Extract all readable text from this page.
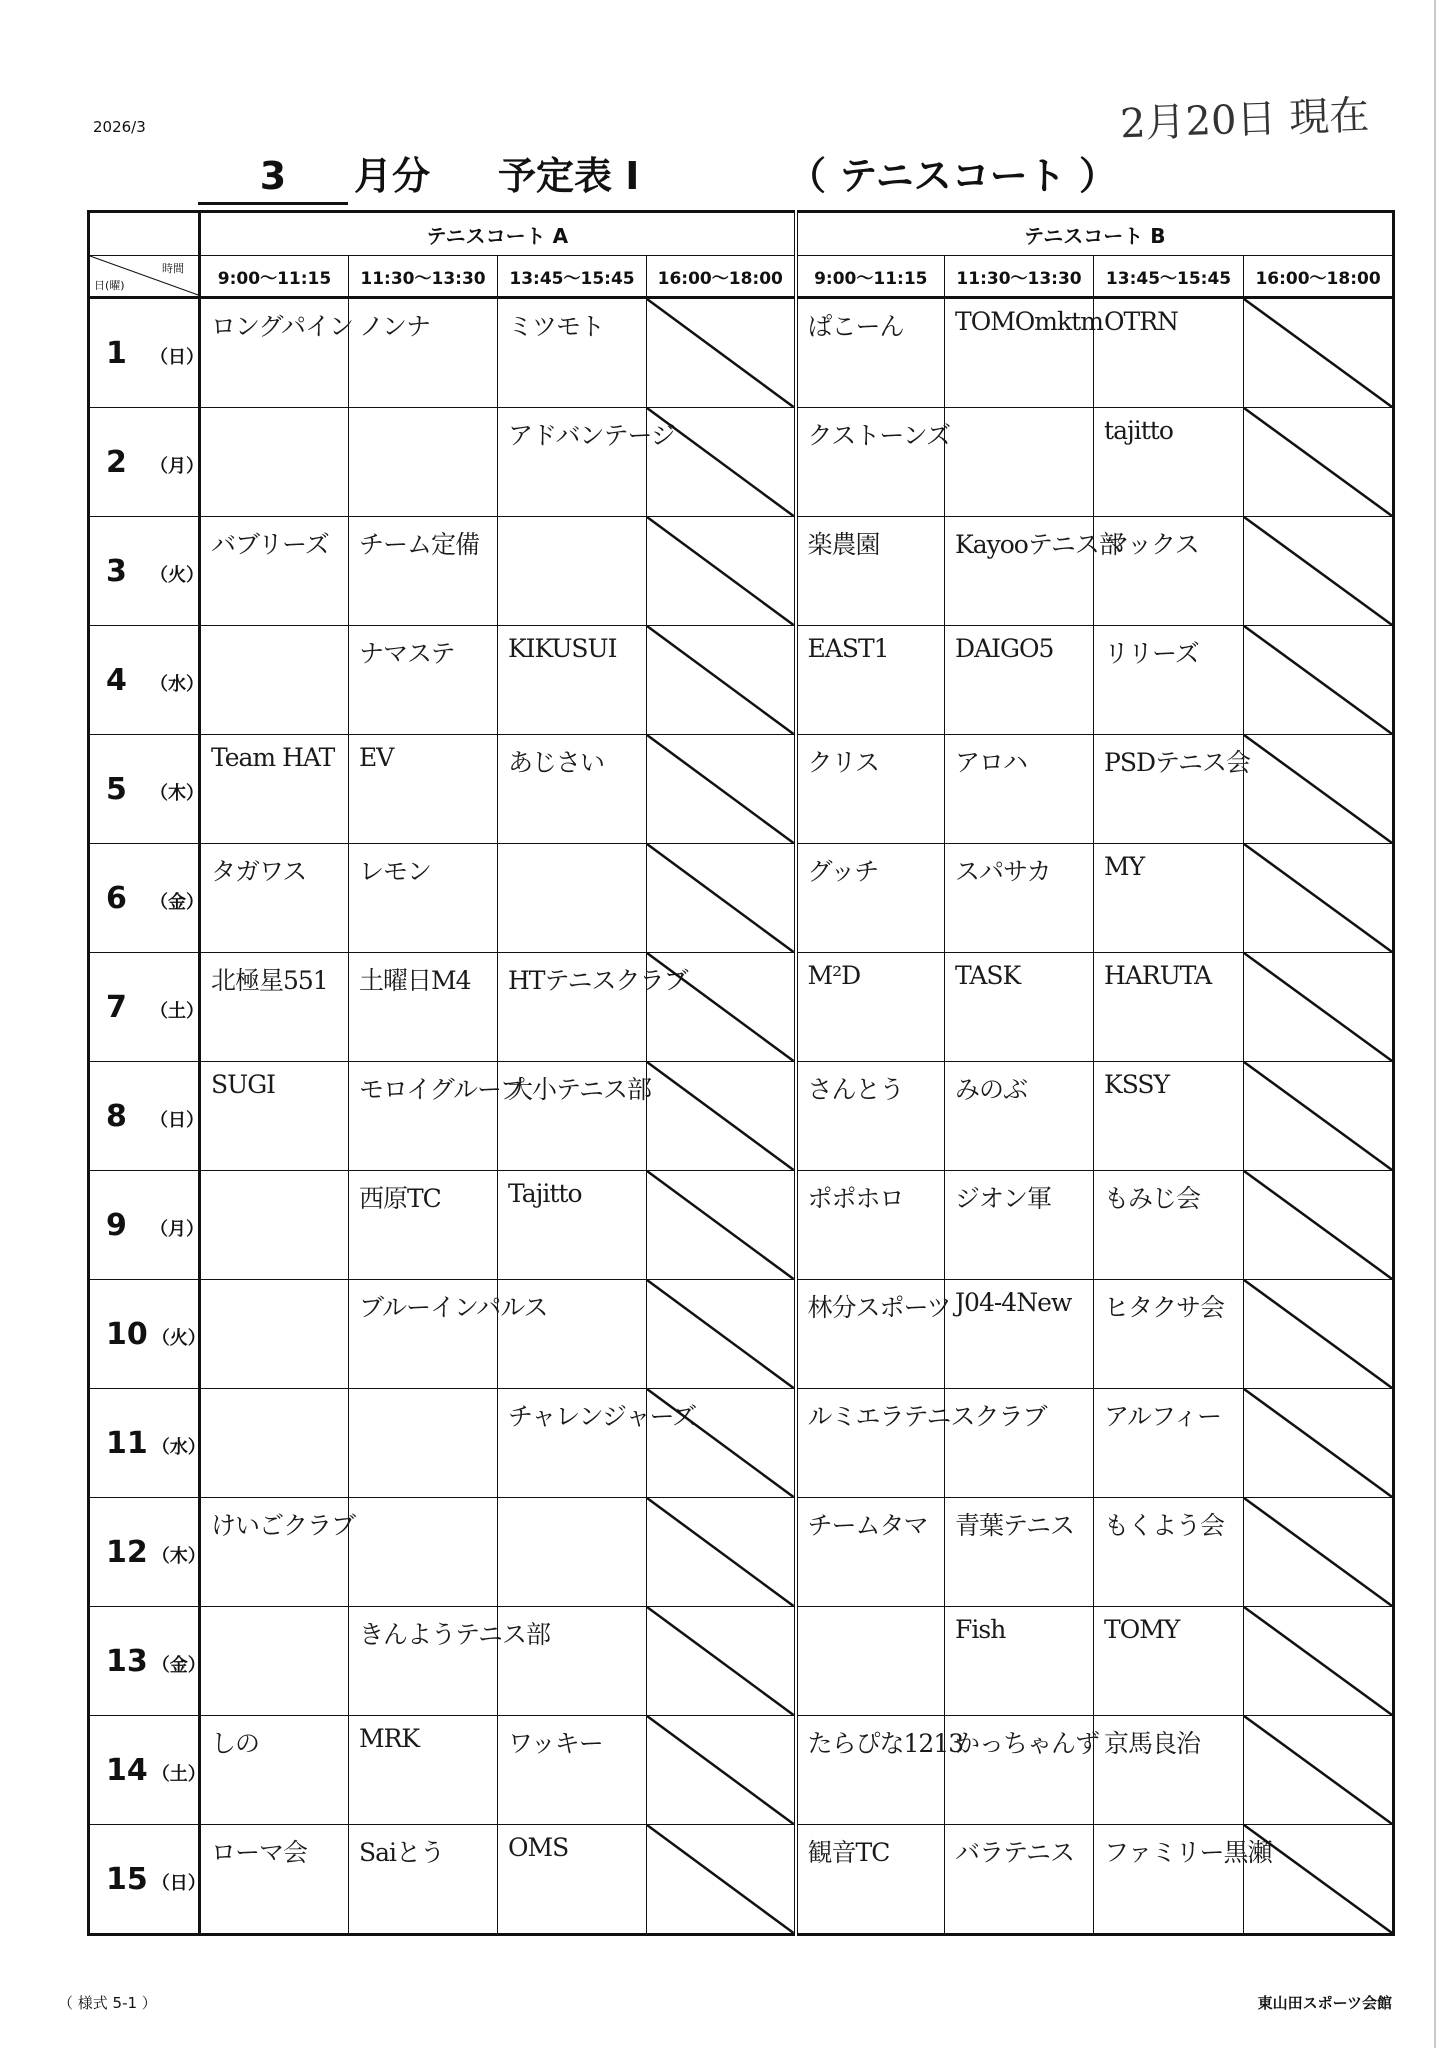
2026/3	2月20日 現在
3	月分 予定表 I	（ テニスコート ）
	テニスコート A				テニスコート B			

時間
日(曜)	9:00～11:15	11:30～13:30	13:45～15:45	16:00～18:00	9:00～11:15	11:30～13:30	13:45～15:45	16:00～18:00
1 （日）	ロングパイン	ノンナ	ミツモト		ぱこーん	TOMOmktm	OTRN

2 （月）			アドバンテージ		クストーンズ		tajitto

3 （火）	バブリーズ	チーム定備			楽農園	Kayooテニス部	マックス

4 （水）		ナマステ	KIKUSUI		EAST1	DAIGO5	リリーズ

5 （木）	Team HAT	EV	あじさい		クリス	アロハ	PSDテニス会

6 （金）	タガワス	レモン			グッチ	スパサカ	MY

7 （土）	北極星551	土曜日M4	HTテニスクラブ		M²D	TASK	HARUTA

8 （日）	SUGI	モロイグループ	大小テニス部		さんとう	みのぶ	KSSY

9 （月）		西原TC	Tajitto		ポポホロ	ジオン軍	もみじ会

10 （火）		ブルーインパルス			林分スポーツ	J04-4New	ヒタクサ会

11 （水）			チャレンジャーズ		ルミエラテニスクラブ		アルフィー

12 （木）	けいごクラブ				チームタマ	青葉テニス	もくよう会

13 （金）		きんようテニス部				Fish	TOMY

14 （土）	しの	MRK	ワッキー		たらぴな1213	かっちゃんず	京馬良治

15 （日）	ローマ会	Saiとう	OMS		観音TC	バラテニス	ファミリー黒瀬

（ 様式 5-1 ）	東山田スポーツ会館
